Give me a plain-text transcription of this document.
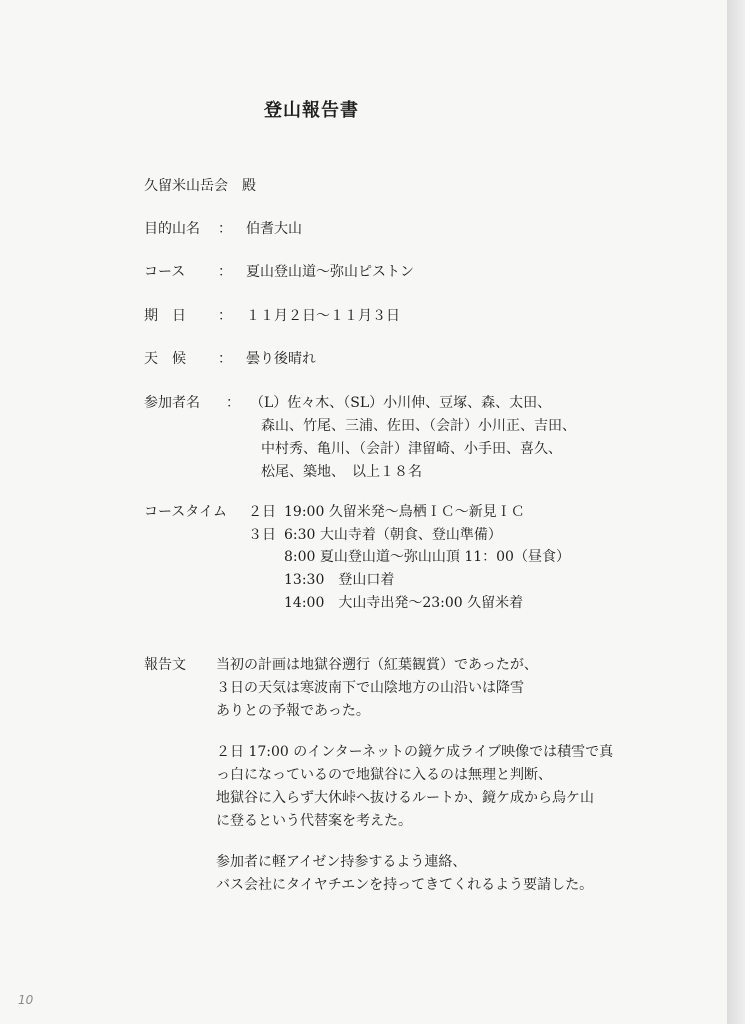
登山報告書
久留米山岳会　殿
目的山名 ： 伯耆大山
コース ： 夏山登山道～弥山ピストン
期　日 ： １１月２日～１１月３日
天　候 ： 曇り後晴れ
参加者名 ： （L）佐々木、（SL）小川伸、豆塚、森、太田、
森山、竹尾、三浦、佐田、（会計）小川正、吉田、
中村秀、亀川、（会計）津留崎、小手田、喜久、
松尾、築地、　以上１８名
コースタイム ２日 19:00 久留米発～鳥栖ＩＣ～新見ＩＣ
３日 6:30 大山寺着（朝食、登山準備）
8:00 夏山登山道～弥山山頂 11：00（昼食）
13:30　登山口着
14:00　大山寺出発～23:00 久留米着
報告文 当初の計画は地獄谷遡行（紅葉観賞）であったが、
３日の天気は寒波南下で山陰地方の山沿いは降雪
ありとの予報であった。
２日 17:00 のインターネットの鏡ケ成ライブ映像では積雪で真
っ白になっているので地獄谷に入るのは無理と判断、
地獄谷に入らず大休峠へ抜けるルートか、鏡ケ成から烏ケ山
に登るという代替案を考えた。
参加者に軽アイゼン持参するよう連絡、
バス会社にタイヤチエンを持ってきてくれるよう要請した。
10
